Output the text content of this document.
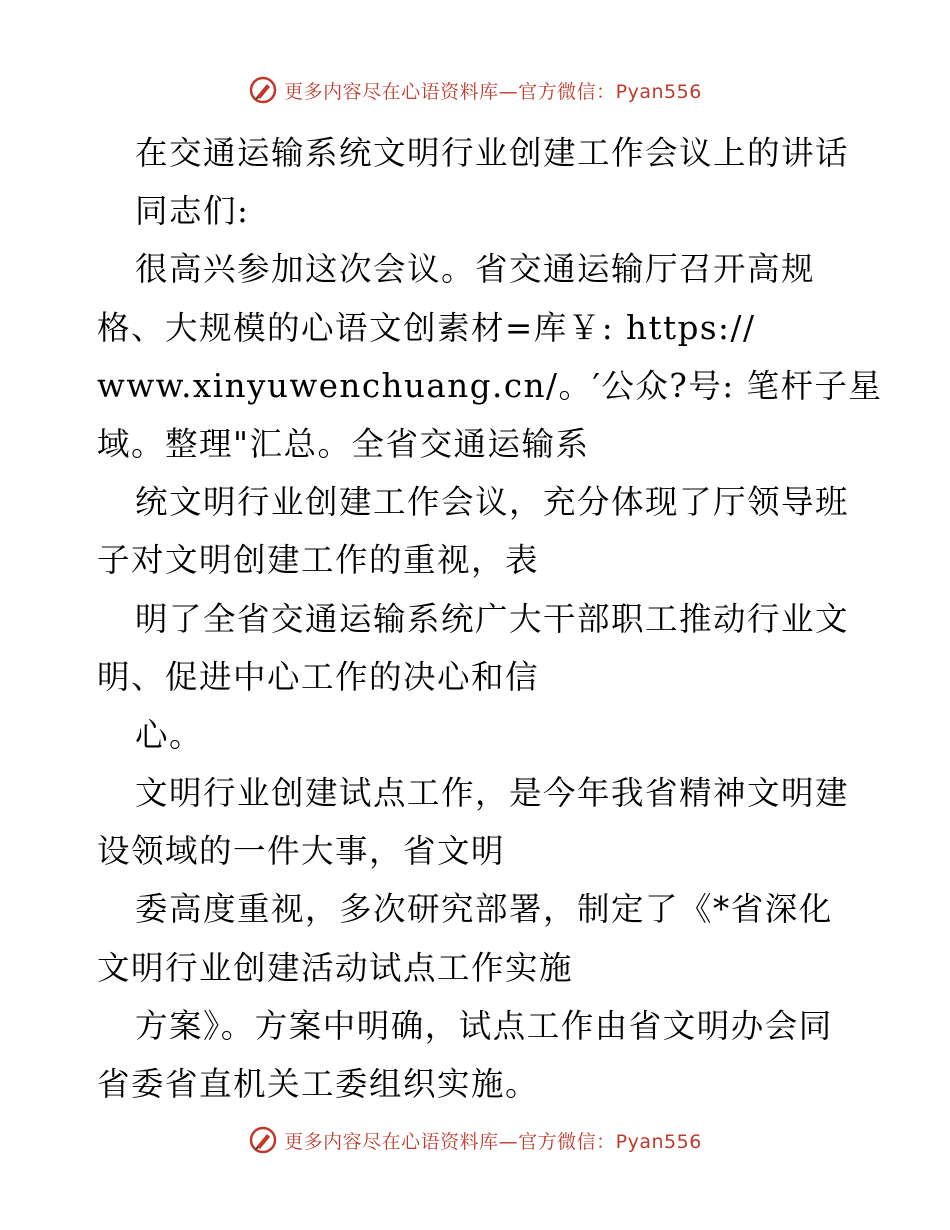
更多内容尽在心语资料库—官方微信：Pyan556
在交通运输系统文明行业创建工作会议上的讲话
同志们:
很高兴参加这次会议。省交通运输厅召开高规
格、大规模的心语文创素材=库￥: https://
www.xinyuwenchuang.cn/。′公众?号: 笔杆子星
域。整理"汇总。全省交通运输系
统文明行业创建工作会议，充分体现了厅领导班
子对文明创建工作的重视，表
明了全省交通运输系统广大干部职工推动行业文
明、促进中心工作的决心和信
心。
文明行业创建试点工作，是今年我省精神文明建
设领域的一件大事，省文明
委高度重视，多次研究部署，制定了《*省深化
文明行业创建活动试点工作实施
方案》。方案中明确，试点工作由省文明办会同
省委省直机关工委组织实施。
更多内容尽在心语资料库—官方微信：Pyan556
